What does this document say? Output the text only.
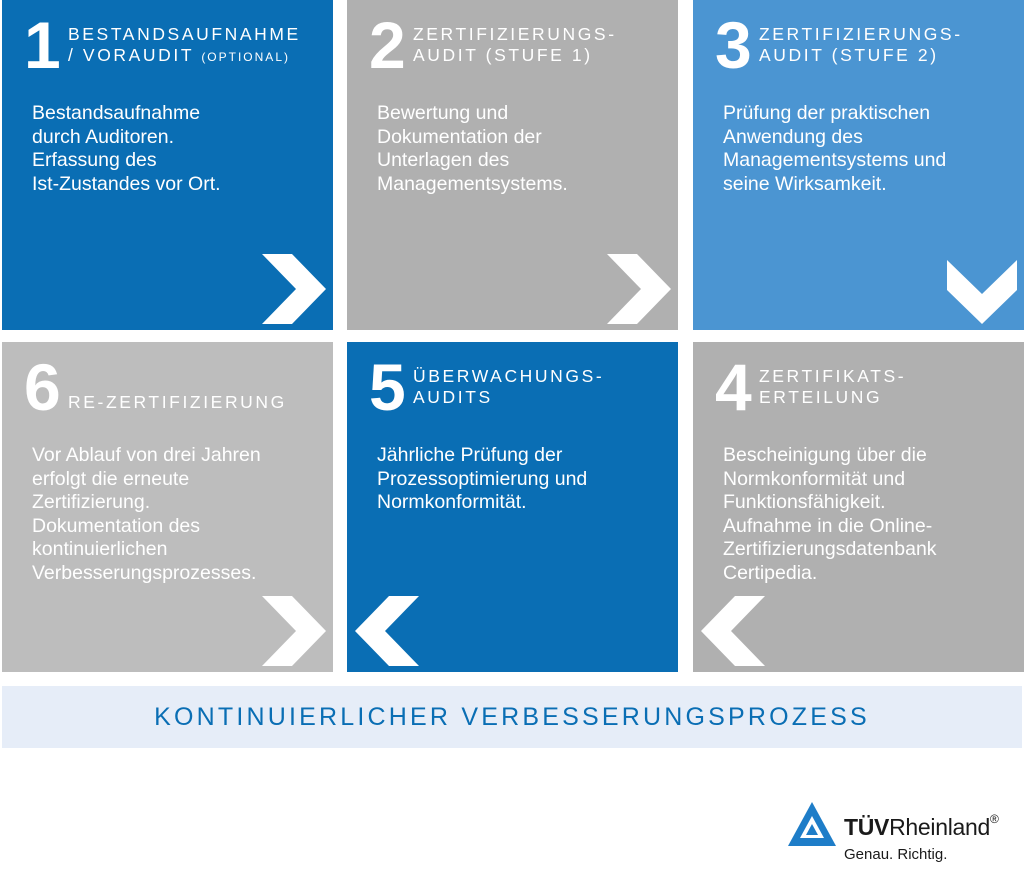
1 BESTANDSAUFNAHME
/ VORAUDIT (OPTIONAL)
Bestandsaufnahme
durch Auditoren.
Erfassung des
Ist-Zustandes vor Ort.
2 ZERTIFIZIERUNGS-
AUDIT (STUFE 1)
Bewertung und
Dokumentation der
Unterlagen des
Managementsystems.
3 ZERTIFIZIERUNGS-
AUDIT (STUFE 2)
Prüfung der praktischen
Anwendung des
Managementsystems und
seine Wirksamkeit.
6 RE-ZERTIFIZIERUNG
Vor Ablauf von drei Jahren
erfolgt die erneute
Zertifizierung.
Dokumentation des
kontinuierlichen
Verbesserungsprozesses.
5 ÜBERWACHUNGS-
AUDITS
Jährliche Prüfung der
Prozessoptimierung und
Normkonformität.
4 ZERTIFIKATS-
ERTEILUNG
Bescheinigung über die
Normkonformität und
Funktionsfähigkeit.
Aufnahme in die Online-
Zertifizierungsdatenbank
Certipedia.
KONTINUIERLICHER VERBESSERUNGSPROZESS
TÜVRheinland®
Genau. Richtig.
